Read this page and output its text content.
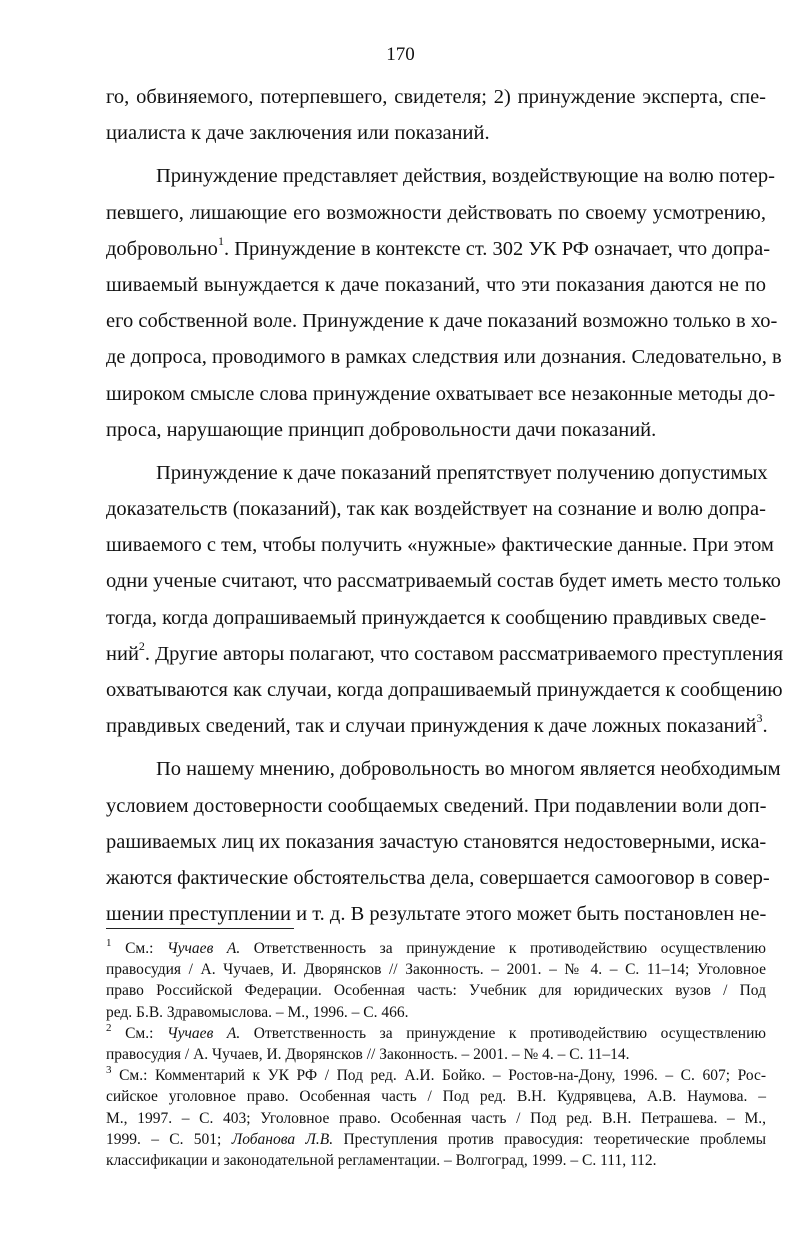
170
го, обвиняемого, потерпевшего, свидетеля; 2) принуждение эксперта, спе-
циалиста к даче заключения или показаний.
Принуждение представляет действия, воздействующие на волю потер-
певшего, лишающие его возможности действовать по своему усмотрению,
добровольно$^1$. Принуждение в контексте ст. 302 УК РФ означает, что допра-
шиваемый вынуждается к даче показаний, что эти показания даются не по
его собственной воле. Принуждение к даче показаний возможно только в хо-
де допроса, проводимого в рамках следствия или дознания. Следовательно, в
широком смысле слова принуждение охватывает все незаконные методы до-
проса, нарушающие принцип добровольности дачи показаний.
Принуждение к даче показаний препятствует получению допустимых
доказательств (показаний), так как воздействует на сознание и волю допра-
шиваемого с тем, чтобы получить «нужные» фактические данные. При этом
одни ученые считают, что рассматриваемый состав будет иметь место только
тогда, когда допрашиваемый принуждается к сообщению правдивых сведе-
ний$^2$. Другие авторы полагают, что составом рассматриваемого преступления
охватываются как случаи, когда допрашиваемый принуждается к сообщению
правдивых сведений, так и случаи принуждения к даче ложных показаний$^3$.
По нашему мнению, добровольность во многом является необходимым
условием достоверности сообщаемых сведений. При подавлении воли доп-
рашиваемых лиц их показания зачастую становятся недостоверными, иска-
жаются фактические обстоятельства дела, совершается самооговор в совер-
шении преступлении и т. д. В результате этого может быть постановлен не-
$^1$ См.: Чучаев А. Ответственность за принуждение к противодействию осуществлению
правосудия / А. Чучаев, И. Дворянсков // Законность. – 2001. – № 4. – С. 11–14; Уголовное
право Российской Федерации. Особенная часть: Учебник для юридических вузов / Под
ред. Б.В. Здравомыслова. – М., 1996. – С. 466.
$^2$ См.: Чучаев А. Ответственность за принуждение к противодействию осуществлению
правосудия / А. Чучаев, И. Дворянсков // Законность. – 2001. – № 4. – С. 11–14.
$^3$ См.: Комментарий к УК РФ / Под ред. А.И. Бойко. – Ростов-на-Дону, 1996. – С. 607; Рос-
сийское уголовное право. Особенная часть / Под ред. В.Н. Кудрявцева, А.В. Наумова. –
М., 1997. – С. 403; Уголовное право. Особенная часть / Под ред. В.Н. Петрашева. – М.,
1999. – С. 501; Лобанова Л.В. Преступления против правосудия: теоретические проблемы
классификации и законодательной регламентации. – Волгоград, 1999. – С. 111, 112.
